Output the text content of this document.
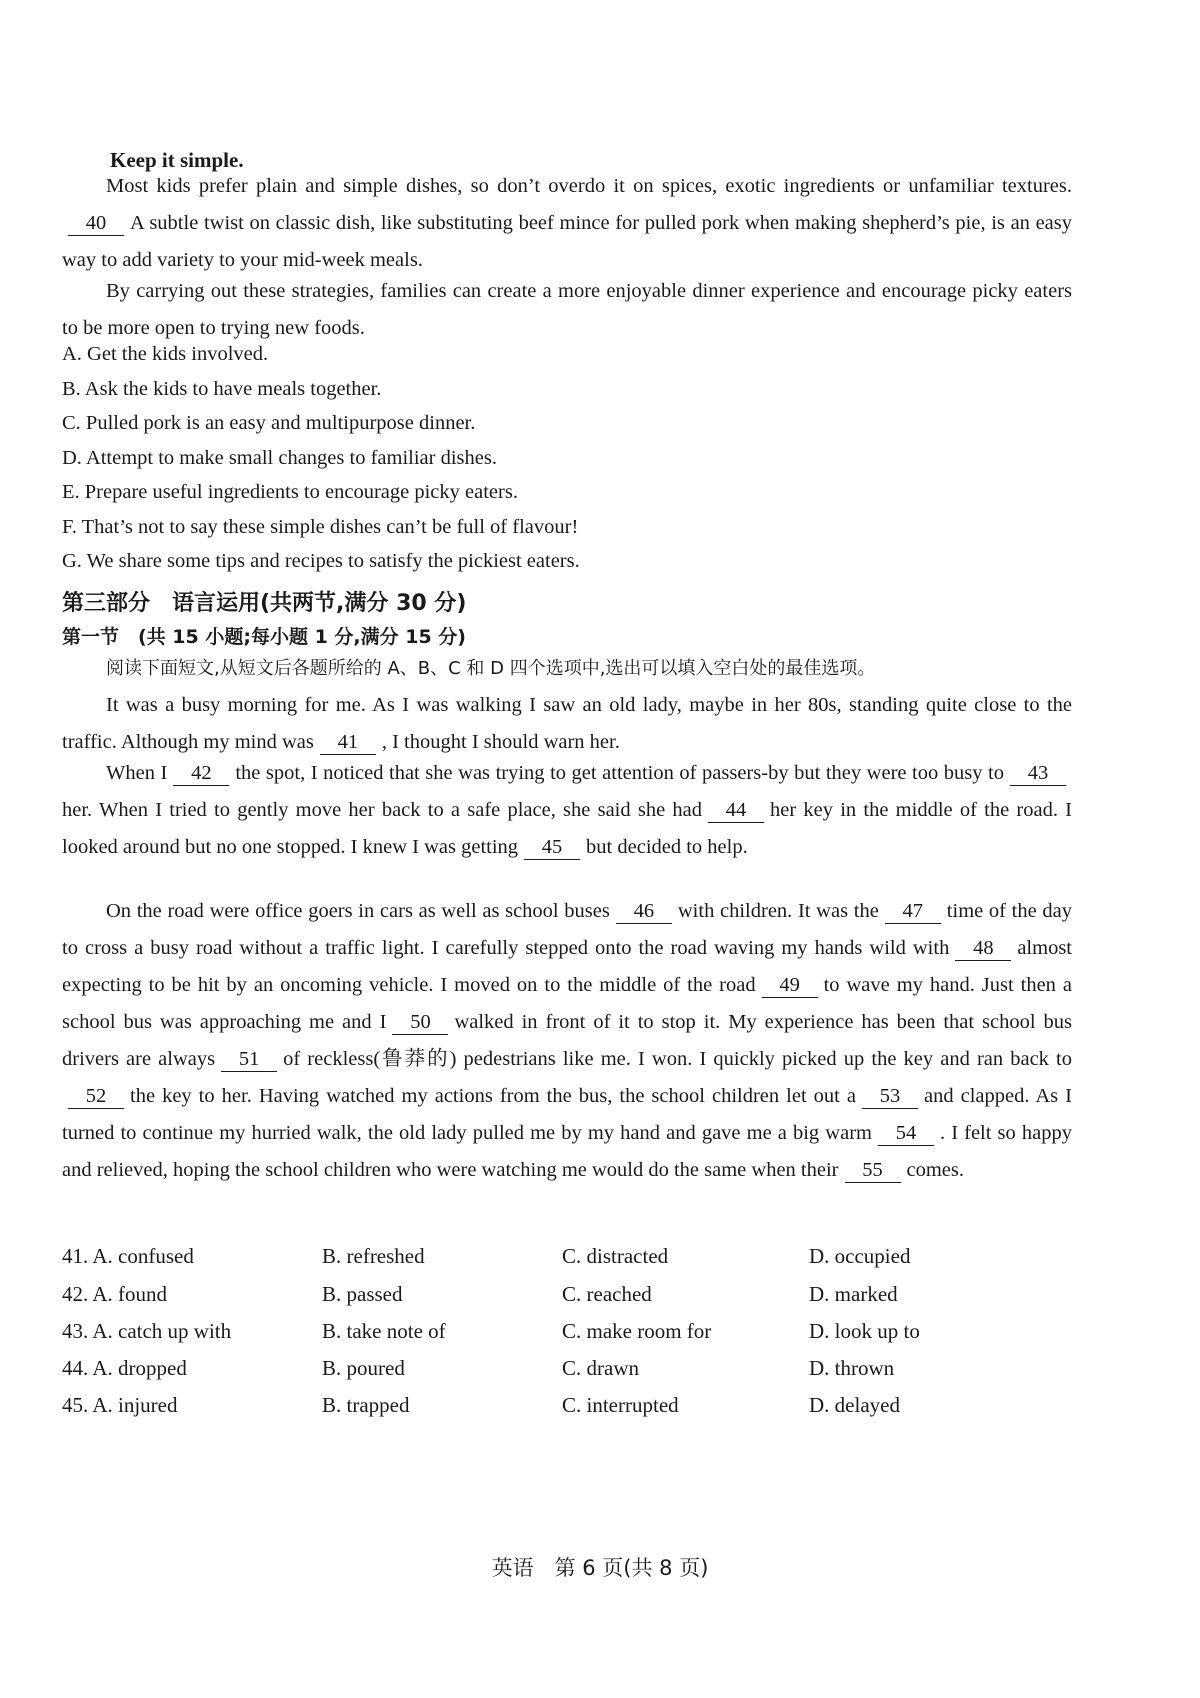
Keep it simple.
Most kids prefer plain and simple dishes, so don’t overdo it on spices, exotic ingredients or unfamiliar textures.40 A subtle twist on classic dish, like substituting beef mince for pulled pork when making shepherd’s pie, is an easy way to add variety to your mid-week meals.
By carrying out these strategies, families can create a more enjoyable dinner experience and encourage picky eaters to be more open to trying new foods.
A. Get the kids involved.
B. Ask the kids to have meals together.
C. Pulled pork is an easy and multipurpose dinner.
D. Attempt to make small changes to familiar dishes.
E. Prepare useful ingredients to encourage picky eaters.
F. That’s not to say these simple dishes can’t be full of flavour!
G. We share some tips and recipes to satisfy the pickiest eaters.
第三部分　语言运用(共两节,满分 30 分)
第一节　(共 15 小题;每小题 1 分,满分 15 分)
阅读下面短文,从短文后各题所给的 A、B、C 和 D 四个选项中,选出可以填入空白处的最佳选项。
It was a busy morning for me. As I was walking I saw an old lady, maybe in her 80s, standing quite close to the traffic. Although my mind was 41 , I thought I should warn her.
When I 42 the spot, I noticed that she was trying to get attention of passers-by but they were too busy to 43her. When I tried to gently move her back to a safe place, she said she had 44 her key in the middle of the road. I looked around but no one stopped. I knew I was getting 45 but decided to help.
On the road were office goers in cars as well as school buses 46 with children. It was the 47 time of the day to cross a busy road without a traffic light. I carefully stepped onto the road waving my hands wild with 48 almost expecting to be hit by an oncoming vehicle. I moved on to the middle of the road 49 to wave my hand. Just then a school bus was approaching me and I 50 walked in front of it to stop it. My experience has been that school bus drivers are always 51 of reckless(鲁莽的) pedestrians like me. I won. I quickly picked up the key and ran back to52 the key to her. Having watched my actions from the bus, the school children let out a 53 and clapped. As I turned to continue my hurried walk, the old lady pulled me by my hand and gave me a big warm 54 . I felt so happy and relieved, hoping the school children who were watching me would do the same when their 55 comes.
41. A. confused	B. refreshed	C. distracted	D. occupied
42. A. found	B. passed	C. reached	D. marked
43. A. catch up with	B. take note of	C. make room for	D. look up to
44. A. dropped	B. poured	C. drawn	D. thrown
45. A. injured	B. trapped	C. interrupted	D. delayed
英语　第 6 页(共 8 页)
